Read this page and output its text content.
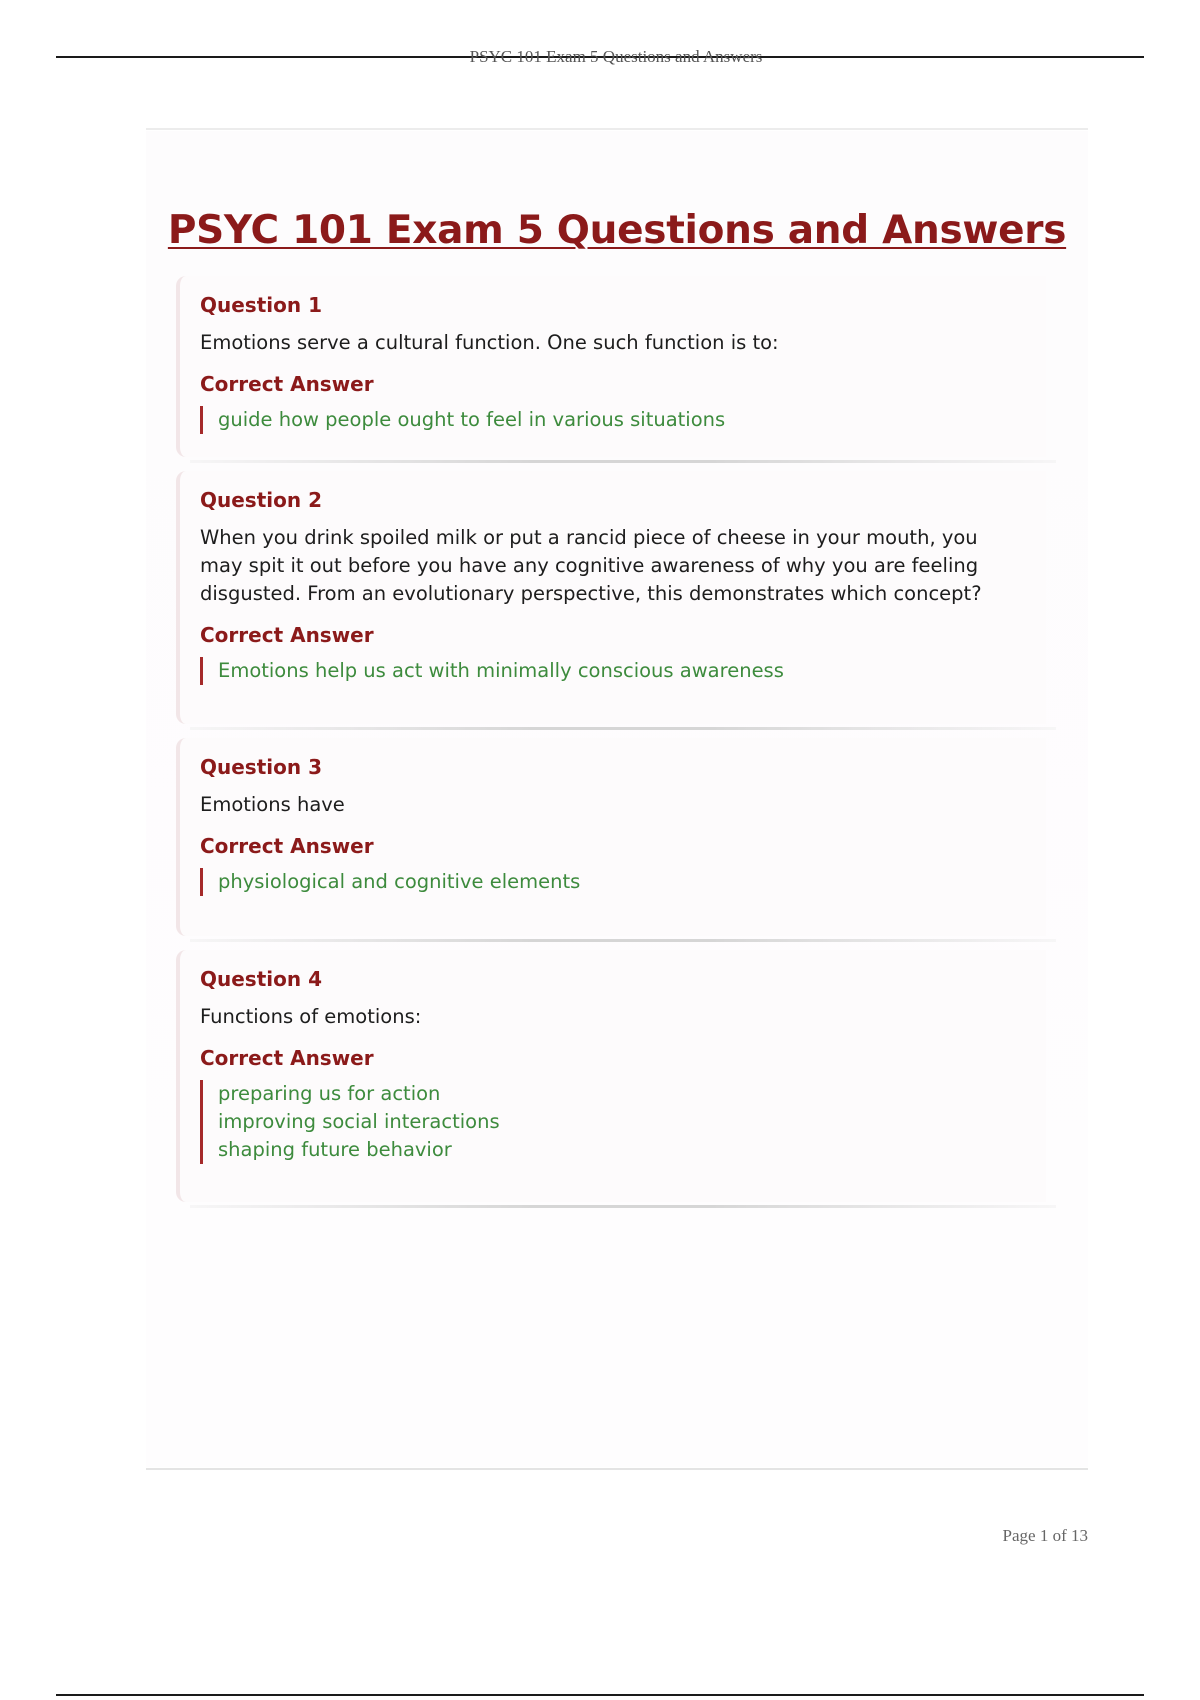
PSYC 101 Exam 5 Questions and Answers
PSYC 101 Exam 5 Questions and Answers
Question 1
Emotions serve a cultural function. One such function is to:
Correct Answer
guide how people ought to feel in various situations
Question 2
When you drink spoiled milk or put a rancid piece of cheese in your mouth, you may spit it out before you have any cognitive awareness of why you are feeling disgusted. From an evolutionary perspective, this demonstrates which concept?
Correct Answer
Emotions help us act with minimally conscious awareness
Question 3
Emotions have
Correct Answer
physiological and cognitive elements
Question 4
Functions of emotions:
Correct Answer
preparing us for action
improving social interactions
shaping future behavior
Page 1 of 13
